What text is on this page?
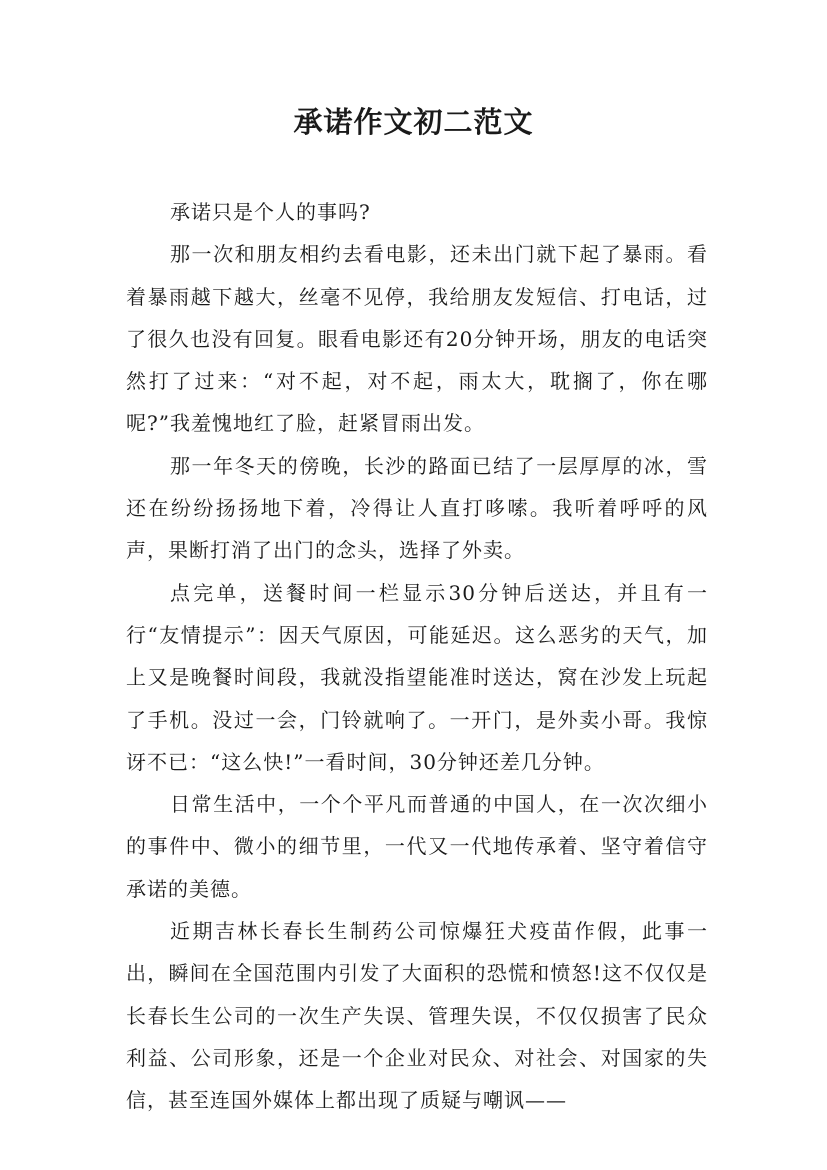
承诺作文初二范文

承诺只是个人的事吗?

那一次和朋友相约去看电影，还未出门就下起了暴雨。看着暴雨越下越大，丝毫不见停，我给朋友发短信、打电话，过了很久也没有回复。眼看电影还有20分钟开场，朋友的电话突然打了过来：“对不起，对不起，雨太大，耽搁了，你在哪呢?”我羞愧地红了脸，赶紧冒雨出发。

那一年冬天的傍晚，长沙的路面已结了一层厚厚的冰，雪还在纷纷扬扬地下着，冷得让人直打哆嗦。我听着呼呼的风声，果断打消了出门的念头，选择了外卖。

点完单，送餐时间一栏显示30分钟后送达，并且有一行“友情提示”：因天气原因，可能延迟。这么恶劣的天气，加上又是晚餐时间段，我就没指望能准时送达，窝在沙发上玩起了手机。没过一会，门铃就响了。一开门，是外卖小哥。我惊讶不已：“这么快!”一看时间，30分钟还差几分钟。

日常生活中，一个个平凡而普通的中国人，在一次次细小的事件中、微小的细节里，一代又一代地传承着、坚守着信守承诺的美德。

近期吉林长春长生制药公司惊爆狂犬疫苗作假，此事一出，瞬间在全国范围内引发了大面积的恐慌和愤怒!这不仅仅是长春长生公司的一次生产失误、管理失误，不仅仅损害了民众利益、公司形象，还是一个企业对民众、对社会、对国家的失信，甚至连国外媒体上都出现了质疑与嘲讽——
